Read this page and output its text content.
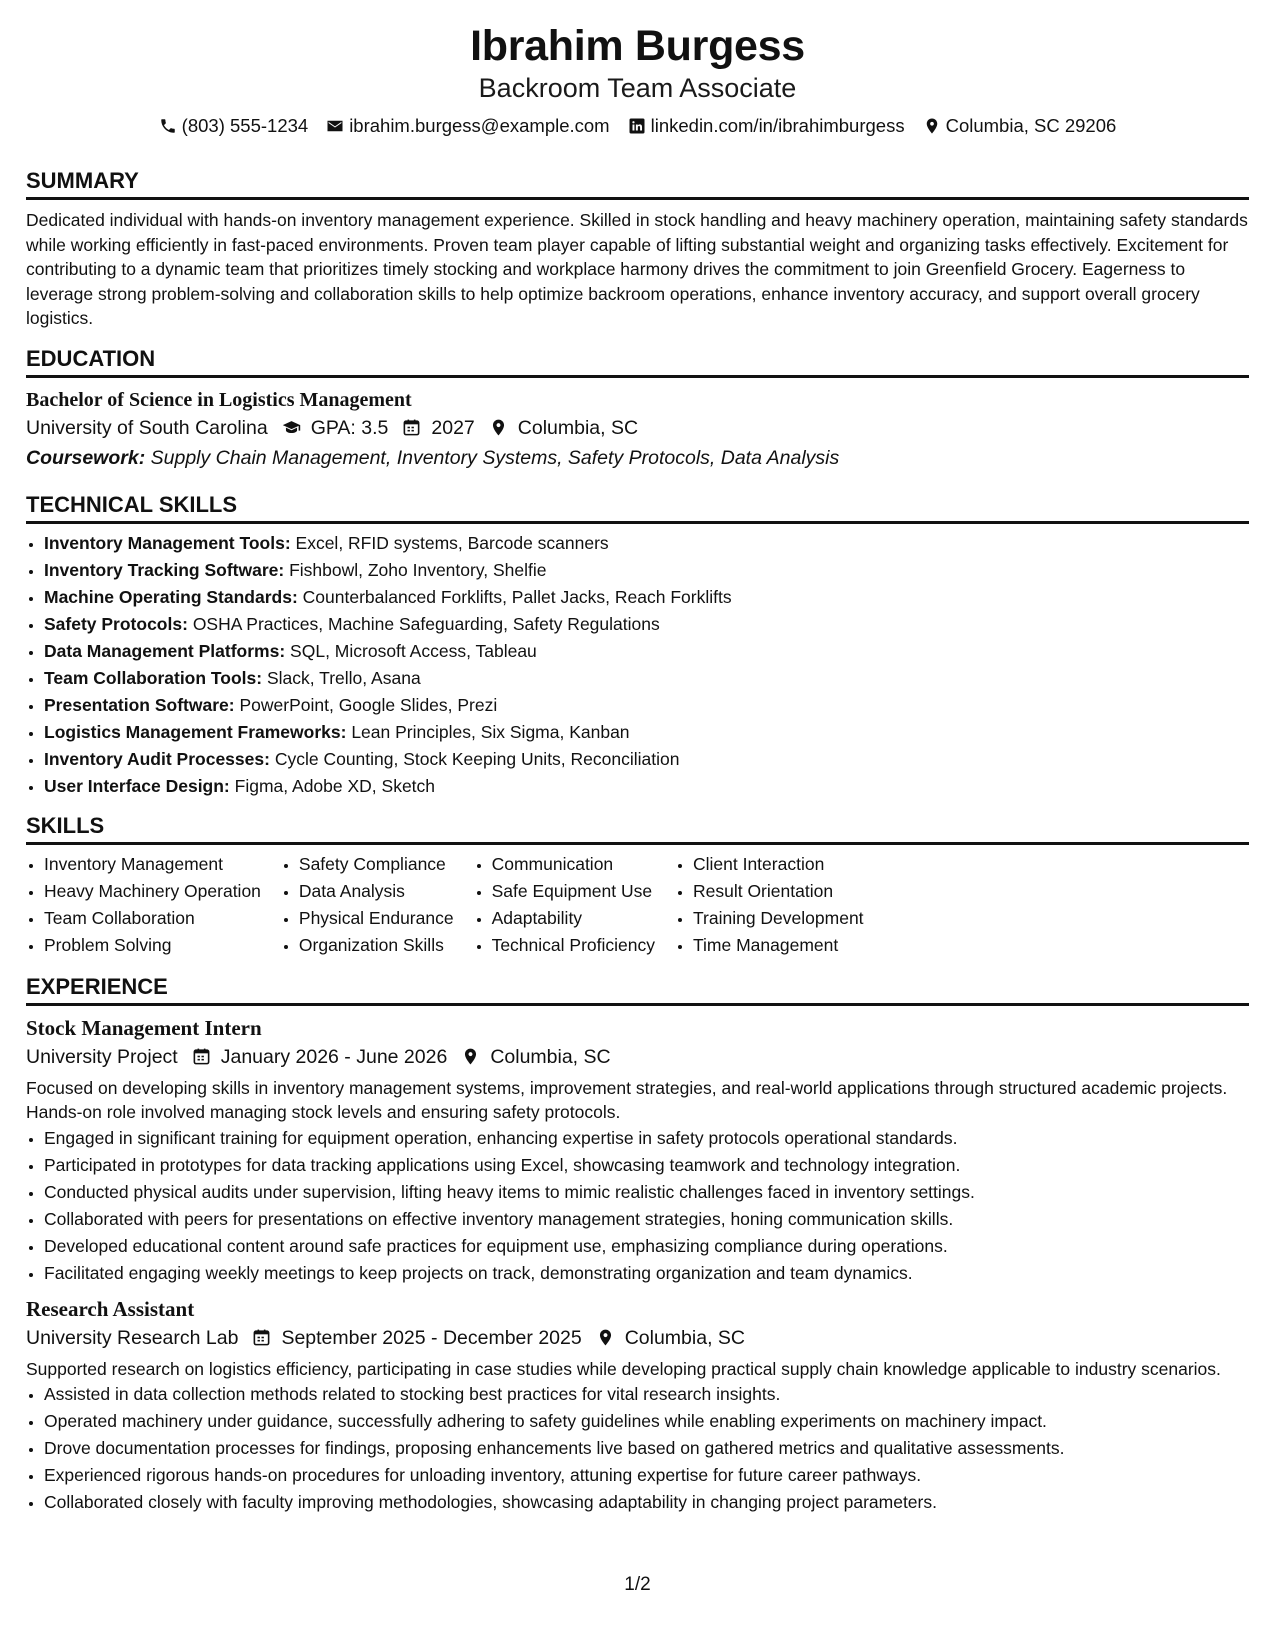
Ibrahim Burgess
Backroom Team Associate
(803) 555-1234 ibrahim.burgess@example.com linkedin.com/in/ibrahimburgess Columbia, SC 29206
SUMMARY

Dedicated individual with hands-on inventory management experience. Skilled in stock handling and heavy machinery operation, maintaining safety standards while working efficiently in fast-paced environments. Proven team player capable of lifting substantial weight and organizing tasks effectively. Excitement for contributing to a dynamic team that prioritizes timely stocking and workplace harmony drives the commitment to join Greenfield Grocery. Eagerness to leverage strong problem-solving and collaboration skills to help optimize backroom operations, enhance inventory accuracy, and support overall grocery logistics.

EDUCATION
Bachelor of Science in Logistics Management
University of South Carolina GPA: 3.5 2027 Columbia, SC
Coursework: Supply Chain Management, Inventory Systems, Safety Protocols, Data Analysis
TECHNICAL SKILLS
• Inventory Management Tools: Excel, RFID systems, Barcode scanners
• Inventory Tracking Software: Fishbowl, Zoho Inventory, Shelfie
• Machine Operating Standards: Counterbalanced Forklifts, Pallet Jacks, Reach Forklifts
• Safety Protocols: OSHA Practices, Machine Safeguarding, Safety Regulations
• Data Management Platforms: SQL, Microsoft Access, Tableau
• Team Collaboration Tools: Slack, Trello, Asana
• Presentation Software: PowerPoint, Google Slides, Prezi
• Logistics Management Frameworks: Lean Principles, Six Sigma, Kanban
• Inventory Audit Processes: Cycle Counting, Stock Keeping Units, Reconciliation
• User Interface Design: Figma, Adobe XD, Sketch
SKILLS
• Inventory Management
• Heavy Machinery Operation
• Team Collaboration
• Problem Solving
• Safety Compliance
• Data Analysis
• Physical Endurance
• Organization Skills
• Communication
• Safe Equipment Use
• Adaptability
• Technical Proficiency
• Client Interaction
• Result Orientation
• Training Development
• Time Management
EXPERIENCE
Stock Management Intern
University Project January 2026 - June 2026 Columbia, SC

Focused on developing skills in inventory management systems, improvement strategies, and real-world applications through structured academic projects. Hands-on role involved managing stock levels and ensuring safety protocols.

• Engaged in significant training for equipment operation, enhancing expertise in safety protocols operational standards.
• Participated in prototypes for data tracking applications using Excel, showcasing teamwork and technology integration.
• Conducted physical audits under supervision, lifting heavy items to mimic realistic challenges faced in inventory settings.
• Collaborated with peers for presentations on effective inventory management strategies, honing communication skills.
• Developed educational content around safe practices for equipment use, emphasizing compliance during operations.
• Facilitated engaging weekly meetings to keep projects on track, demonstrating organization and team dynamics.
Research Assistant
University Research Lab September 2025 - December 2025 Columbia, SC

Supported research on logistics efficiency, participating in case studies while developing practical supply chain knowledge applicable to industry scenarios.

• Assisted in data collection methods related to stocking best practices for vital research insights.
• Operated machinery under guidance, successfully adhering to safety guidelines while enabling experiments on machinery impact.
• Drove documentation processes for findings, proposing enhancements live based on gathered metrics and qualitative assessments.
• Experienced rigorous hands-on procedures for unloading inventory, attuning expertise for future career pathways.
• Collaborated closely with faculty improving methodologies, showcasing adaptability in changing project parameters.
1/2
